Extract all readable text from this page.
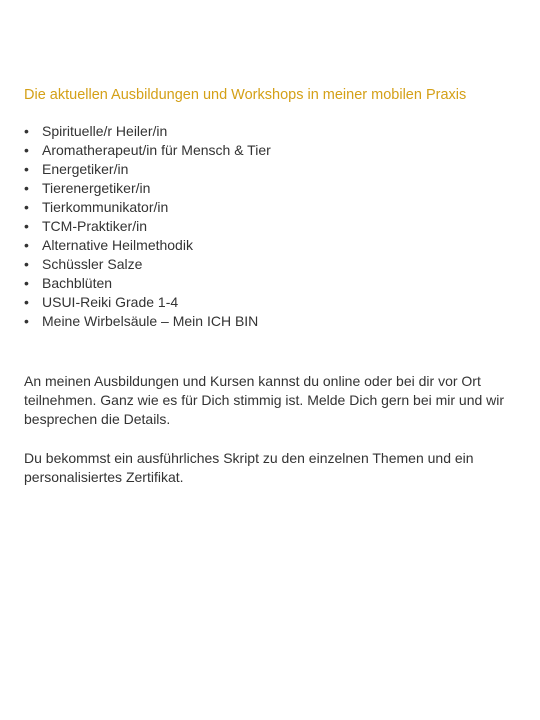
Die aktuellen Ausbildungen und Workshops in meiner mobilen Praxis
• Spirituelle/r Heiler/in
• Aromatherapeut/in für Mensch & Tier
• Energetiker/in
• Tierenergetiker/in
• Tierkommunikator/in
• TCM-Praktiker/in
• Alternative Heilmethodik
• Schüssler Salze
• Bachblüten
• USUI-Reiki Grade 1-4
• Meine Wirbelsäule – Mein ICH BIN

An meinen Ausbildungen und Kursen kannst du online oder bei dir vor Ort teilnehmen. Ganz wie es für Dich stimmig ist. Melde Dich gern bei mir und wir besprechen die Details.

Du bekommst ein ausführliches Skript zu den einzelnen Themen und ein personalisiertes Zertifikat.
